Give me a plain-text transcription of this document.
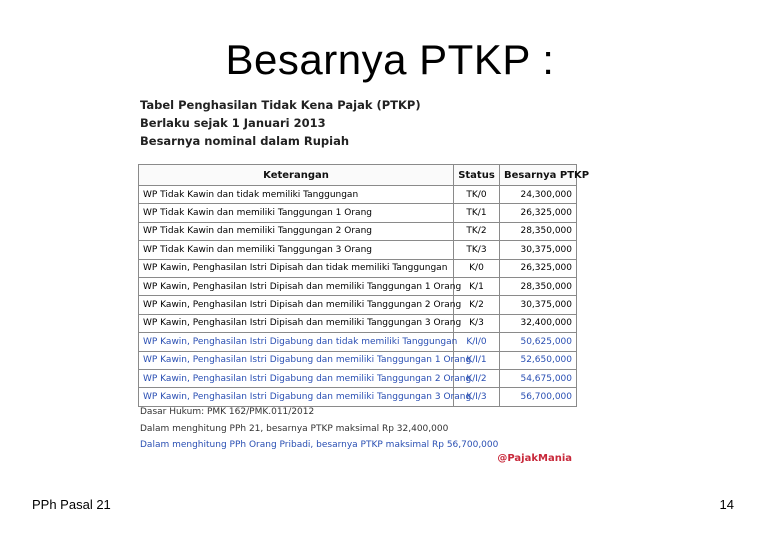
Besarnya PTKP :
Tabel Penghasilan Tidak Kena Pajak (PTKP)
Berlaku sejak 1 Januari 2013
Besarnya nominal dalam Rupiah
Keterangan	Status	Besarnya PTKP
WP Tidak Kawin dan tidak memiliki Tanggungan	TK/0	24,300,000
WP Tidak Kawin dan memiliki Tanggungan 1 Orang	TK/1	26,325,000
WP Tidak Kawin dan memiliki Tanggungan 2 Orang	TK/2	28,350,000
WP Tidak Kawin dan memiliki Tanggungan 3 Orang	TK/3	30,375,000
WP Kawin, Penghasilan Istri Dipisah dan tidak memiliki Tanggungan	K/0	26,325,000
WP Kawin, Penghasilan Istri Dipisah dan memiliki Tanggungan 1 Orang	K/1	28,350,000
WP Kawin, Penghasilan Istri Dipisah dan memiliki Tanggungan 2 Orang	K/2	30,375,000
WP Kawin, Penghasilan Istri Dipisah dan memiliki Tanggungan 3 Orang	K/3	32,400,000
WP Kawin, Penghasilan Istri Digabung dan tidak memiliki Tanggungan	K/I/0	50,625,000
WP Kawin, Penghasilan Istri Digabung dan memiliki Tanggungan 1 Orang	K/I/1	52,650,000
WP Kawin, Penghasilan Istri Digabung dan memiliki Tanggungan 2 Orang	K/I/2	54,675,000
WP Kawin, Penghasilan Istri Digabung dan memiliki Tanggungan 3 Orang	K/I/3	56,700,000
Dasar Hukum: PMK 162/PMK.011/2012
Dalam menghitung PPh 21, besarnya PTKP maksimal Rp 32,400,000
Dalam menghitung PPh Orang Pribadi, besarnya PTKP maksimal Rp 56,700,000
@PajakMania
PPh Pasal 21	14
